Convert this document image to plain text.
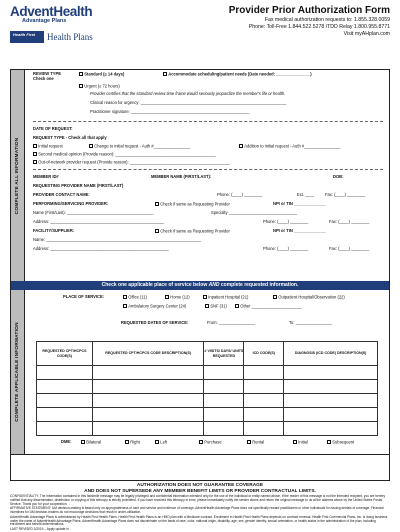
AdventHealth
Advantage Plans
Health First	Health Plans
Provider Prior Authorization Form
Fax medical authorization requests to: 1.855.328.0059
Phone: Toll-Free 1.844.522.5278 /TDD Relay 1.800.955.8771
Visit myAHplan.com
COMPLETE ALL INFORMATION
COMPLETE APPLICABLE INFORMATION
REVIEW TYPE
Check one
Standard (≤ 14 days)	Accommodate scheduling/patient needs (Date needed: _______________)
Urgent (≤ 72 hours)
Provider certifies that the standard review time frame would seriously jeopardize the member's life or health.
Clinical reason for urgency: ________________________________________________________________
Practitioner signature: ____________________________________________________
DATE OF REQUEST:
REQUEST TYPE - Check all that apply
Initial request	Change to initial request - Auth #________________	Addition to initial request - Auth #________________
Second medical opinion (Provide reason): ____________________________________________
Out-of-network provider request (Provide reason): ____________________________________________
MEMBER ID#	MEMBER NAME (FIRST/LAST):	DOB:
REQUESTING PROVIDER NAME (FIRST/LAST)
PROVIDER CONTACT NAME:	Phone: (____) ________	Ext. ____	Fax: (____) ________
PERFORMING/SERVICING PROVIDER:	Check if same as Requesting Provider	NPI or TIN ______________
Name (First/Last): ______________________________________	Specialty ______________________________
Address: __________________________________________________	Phone: (____) ________	Fax: (____) ________
FACILITY/SUPPLIER:	Check if same as Requesting Provider	NPI or TIN ______________
Name: ____________________________________________________________________
Address: ____________________________________________________	Phone: (____) ________	Fax: (____) ________
Check one applicable place of service below AND complete requested information.
PLACE OF SERVICE:	Office (11)	Home (12)	Inpatient Hospital (21)	Outpatient Hospital/Observation (22)
Ambulatory Surgery Center (24)	SNF (31)	Other ______________________
REQUESTED DATES OF SERVICE:	From: ________________	To: ________________
DME:	Bilateral	Right	Left	Purchase	Rental	Initial	Subsequent
REQUESTED CPT/HCPCS CODE(S)	REQUESTED CPT/HCPCS CODE DESCRIPTION(S)	# VISITS/ DAYS/ UNITS REQUESTED	ICD CODE(S)	DIAGNOSIS (ICD CODE) DESCRIPTION(S)

AUTHORIZATION DOES NOT GUARANTEE COVERAGE
AND DOES NOT SUPERSEDE ANY MEMBER BENEFIT LIMITS OR PROVIDER CONTRACTUAL LIMITS.
CONFIDENTIALITY: The information contained in this facsimile message may be legally privileged and confidential information intended only for the use of the individual or entity named above. If the reader of this message is not the intended recipient, you are hereby notified that any dissemination, distribution or copying of this telecopy is strictly prohibited. If you have received this telecopy in error, please immediately notify the sender above and return the original message to us at the address above by the United States Postal Service. Thank you for your cooperation.
AFFIRMATIVE STATEMENT: UM decision-making is based only on appropriateness of care and service and evidence of coverage. AdventHealth Advantage Plans does not specifically reward practitioners or other individuals for issuing denials of coverage. Financial incentives for UM decision-makers do not encourage decisions that result in under-utilization.
AdventHealth Advantage Plans is administered by Health First Health Plans. Health First Health Plans is an HMO plan with a Medicare contract. Enrollment in Health First Health Plans depends on contract renewal. Health First Commercial Plans, Inc. is doing business under the name of AdventHealth Advantage Plans. AdventHealth Advantage Plans does not discriminate on the basis of race, color, national origin, disability, age, sex, gender identity, sexual orientation, or health status in the administration of the plan, including enrollment and benefit determinations.
LAST REVISED 3/2019 – Apply update in
